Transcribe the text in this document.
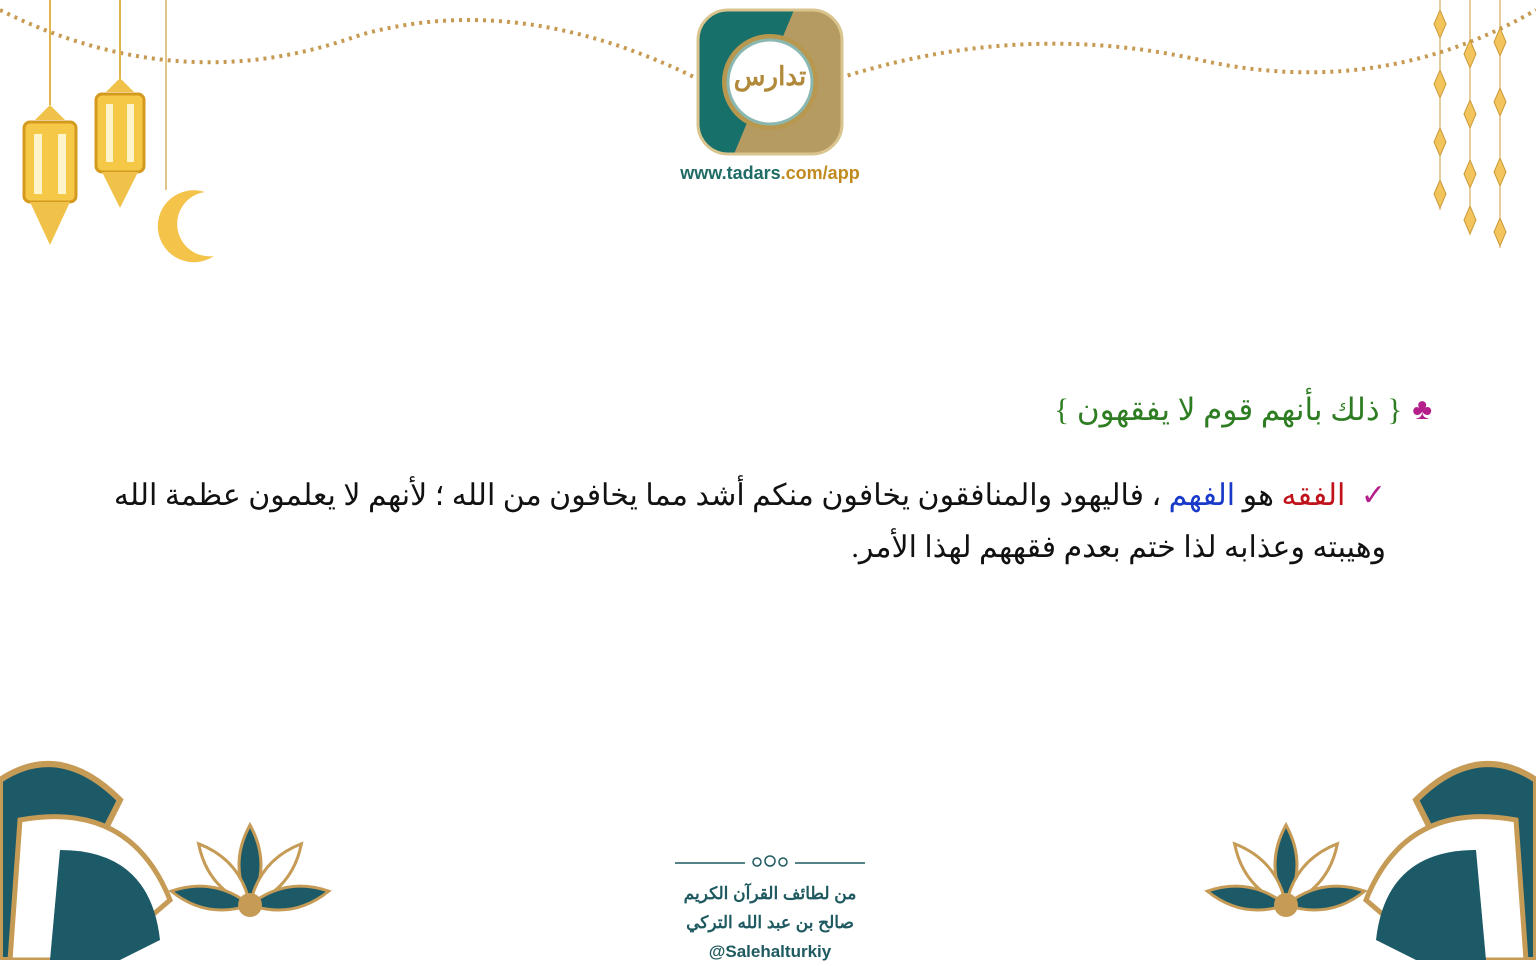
تدارس
www.tadars.com/app
♣
{ ذلك بأنهم قوم لا يفقهون }
✓ الفقه هو الفهم ، فاليهود والمنافقون يخافون منكم أشد مما يخافون من الله ؛ لأنهم لا يعلمون عظمة الله وهيبته وعذابه لذا ختم بعدم فقههم لهذا الأمر.
من لطائف القرآن الكريم
صالح بن عبد الله التركي
@Salehalturkiy
